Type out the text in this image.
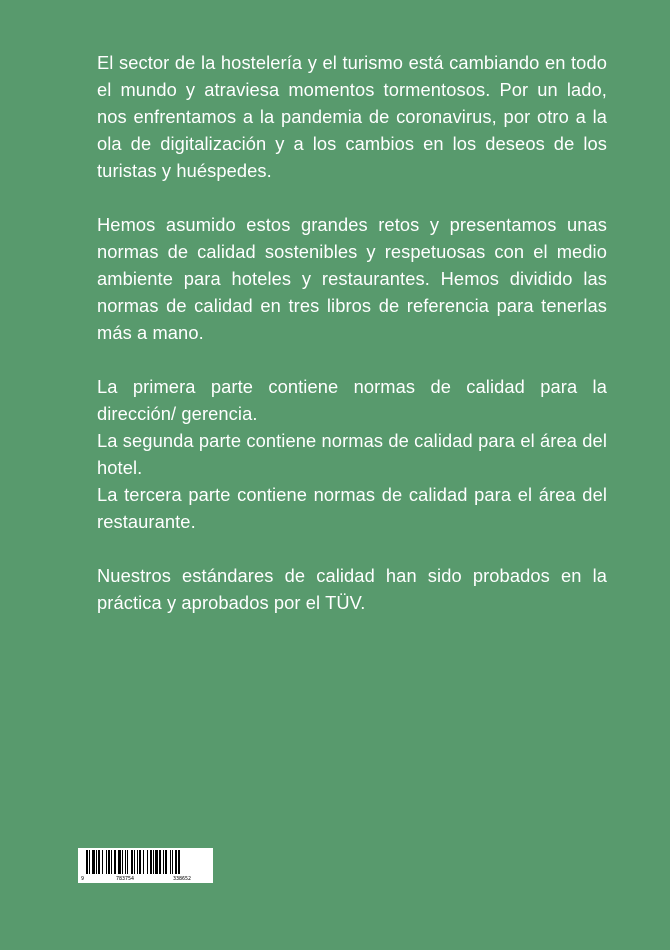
El sector de la hostelería y el turismo está cambiando en todo el mundo y atraviesa momentos tormentosos. Por un lado, nos enfrentamos a la pandemia de coronavirus, por otro a la ola de digitalización y a los cambios en los deseos de los turistas y huéspedes.

Hemos asumido estos grandes retos y presentamos unas normas de calidad sostenibles y respetuosas con el medio ambiente para hoteles y restaurantes. Hemos dividido las normas de calidad en tres libros de referencia para tenerlas más a mano.

La primera parte contiene normas de calidad para la dirección/ gerencia.

La segunda parte contiene normas de calidad para el área del hotel.

La tercera parte contiene normas de calidad para el área del restaurante.

Nuestros estándares de calidad han sido probados en la práctica y aprobados por el TÜV.

9	783754	338652
